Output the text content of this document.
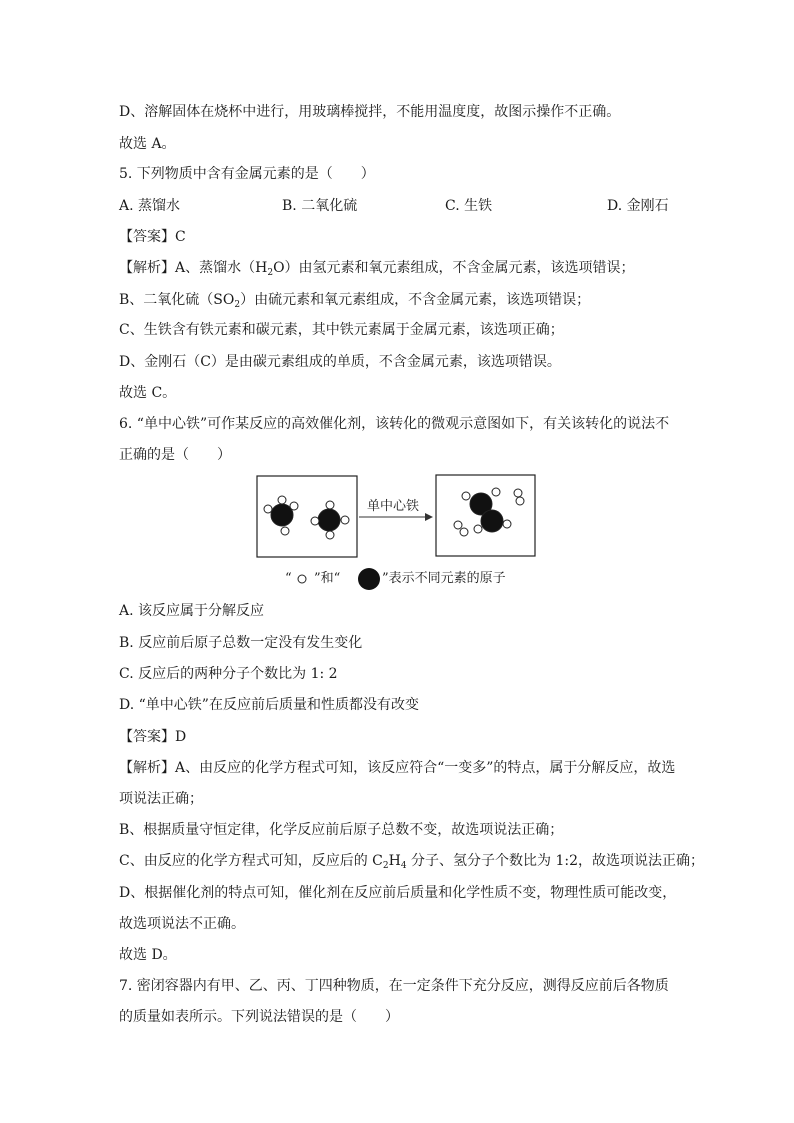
D、溶解固体在烧杯中进行，用玻璃棒搅拌，不能用温度度，故图示操作不正确。
故选 A。
5. 下列物质中含有金属元素的是（　　）
A. 蒸馏水	B. 二氧化硫	C. 生铁	D. 金刚石
【答案】C
【解析】A、蒸馏水$(H_2O)$由氢元素和氧元素组成，不含金属元素，该选项错误；
B、二氧化硫$(SO_2)$由硫元素和氧元素组成，不含金属元素，该选项错误；
C、生铁含有铁元素和碳元素，其中铁元素属于金属元素，该选项正确；
D、金刚石（C）是由碳元素组成的单质，不含金属元素，该选项错误。
故选 C。
6. “单中心铁”可作某反应的高效催化剂，该转化的微观示意图如下，有关该转化的说法不
正确的是（　　）
单中心铁
“ ”和“	”表示不同元素的原子
A. 该反应属于分解反应
B. 反应前后原子总数一定没有发生变化
C. 反应后的两种分子个数比为 1: 2
D. “单中心铁”在反应前后质量和性质都没有改变
【答案】D
【解析】A、由反应的化学方程式可知，该反应符合“一变多”的特点，属于分解反应，故选
项说法正确；
B、根据质量守恒定律，化学反应前后原子总数不变，故选项说法正确；
C、由反应的化学方程式可知，反应后的 $C_2H_4$ 分子、氢分子个数比为 1:2，故选项说法正确；
D、根据催化剂的特点可知，催化剂在反应前后质量和化学性质不变，物理性质可能改变，
故选项说法不正确。
故选 D。
7. 密闭容器内有甲、乙、丙、丁四种物质，在一定条件下充分反应，测得反应前后各物质
的质量如表所示。下列说法错误的是（　　）
